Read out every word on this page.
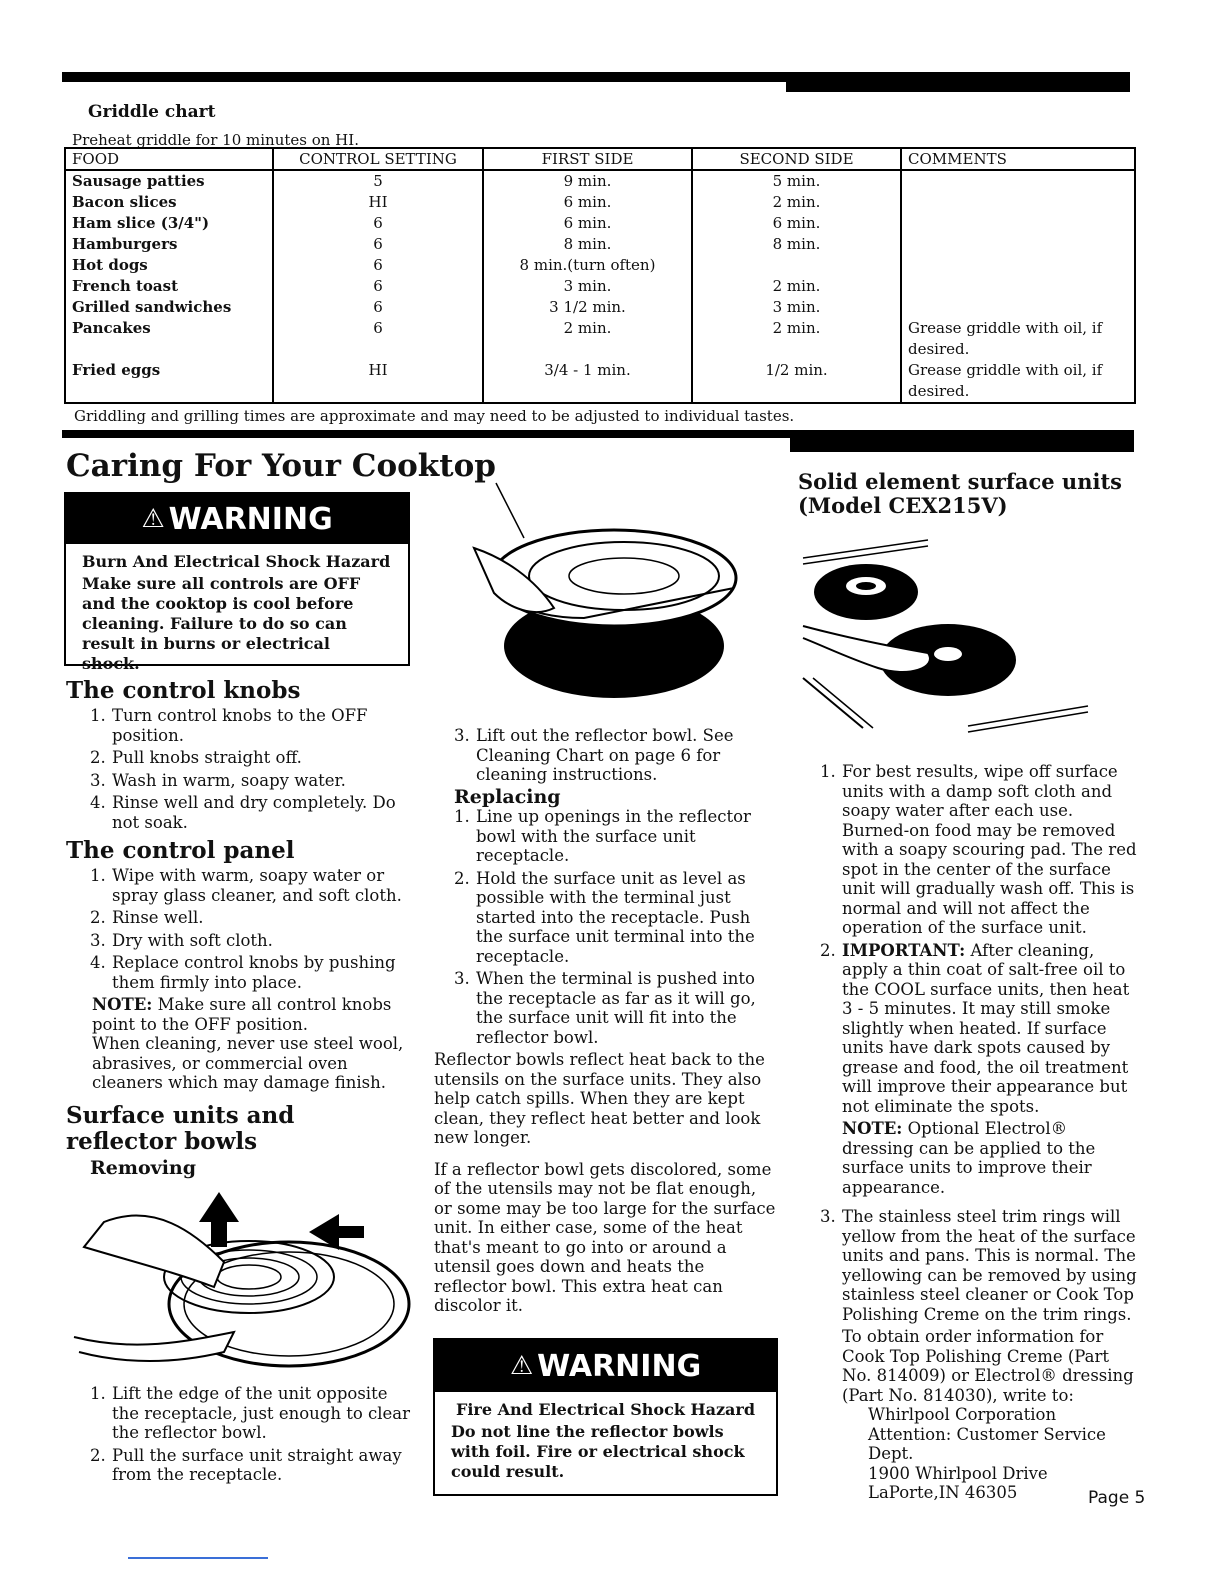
Griddle chart
Preheat griddle for 10 minutes on HI.
FOOD	CONTROL SETTING	FIRST SIDE	SECOND SIDE	COMMENTS
Sausage patties	5	9 min.	5 min.	
Bacon slices	HI	6 min.	2 min.	
Ham slice (3/4")	6	6 min.	6 min.	
Hamburgers	6	8 min.	8 min.	
Hot dogs	6	8 min.(turn often)		
French toast	6	3 min.	2 min.	
Grilled sandwiches	6	3 1/2 min.	3 min.	
Pancakes	6	2 min.	2 min.	Grease griddle with oil, if desired.
Fried eggs	HI	3/4 - 1 min.	1/2 min.	Grease griddle with oil, if desired.
Griddling and grilling times are approximate and may need to be adjusted to individual tastes.
Caring For Your Cooktop
⚠ WARNING
Burn And Electrical Shock Hazard
Make sure all controls are OFF and the cooktop is cool before cleaning. Failure to do so can result in burns or electrical shock.
The control knobs
1. Turn control knobs to the OFF position.
2. Pull knobs straight off.
3. Wash in warm, soapy water.
4. Rinse well and dry completely. Do not soak.
The control panel
1. Wipe with warm, soapy water or spray glass cleaner, and soft cloth.
2. Rinse well.
3. Dry with soft cloth.
4. Replace control knobs by pushing them firmly into place.
NOTE: Make sure all control knobs point to the OFF position.
When cleaning, never use steel wool, abrasives, or commercial oven cleaners which may damage finish.
Surface units and reflector bowls
Removing
1. Lift the edge of the unit opposite the receptacle, just enough to clear the reflector bowl.
2. Pull the surface unit straight away from the receptacle.
3. Lift out the reflector bowl. See Cleaning Chart on page 6 for cleaning instructions.
Replacing
1. Line up openings in the reflector bowl with the surface unit receptacle.
2. Hold the surface unit as level as possible with the terminal just started into the receptacle. Push the surface unit terminal into the receptacle.
3. When the terminal is pushed into the receptacle as far as it will go, the surface unit will fit into the reflector bowl.
Reflector bowls reflect heat back to the utensils on the surface units. They also help catch spills. When they are kept clean, they reflect heat better and look new longer.
If a reflector bowl gets discolored, some of the utensils may not be flat enough, or some may be too large for the surface unit. In either case, some of the heat that's meant to go into or around a utensil goes down and heats the reflector bowl. This extra heat can discolor it.
⚠ WARNING
Fire And Electrical Shock Hazard
Do not line the reflector bowls with foil. Fire or electrical shock could result.
Solid element surface units (Model CEX215V)
1. For best results, wipe off surface units with a damp soft cloth and soapy water after each use. Burned-on food may be removed with a soapy scouring pad. The red spot in the center of the surface unit will gradually wash off. This is normal and will not affect the operation of the surface unit.
2. IMPORTANT: After cleaning, apply a thin coat of salt-free oil to the COOL surface units, then heat 3 - 5 minutes. It may still smoke slightly when heated. If surface units have dark spots caused by grease and food, the oil treatment will improve their appearance but not eliminate the spots.
NOTE: Optional Electrol® dressing can be applied to the surface units to improve their appearance.
3. The stainless steel trim rings will yellow from the heat of the surface units and pans. This is normal. The yellowing can be removed by using stainless steel cleaner or Cook Top Polishing Creme on the trim rings.
To obtain order information for Cook Top Polishing Creme (Part No. 814009) or Electrol® dressing (Part No. 814030), write to:
Whirlpool Corporation
Attention: Customer Service Dept.
1900 Whirlpool Drive
LaPorte,IN 46305	Page 5
